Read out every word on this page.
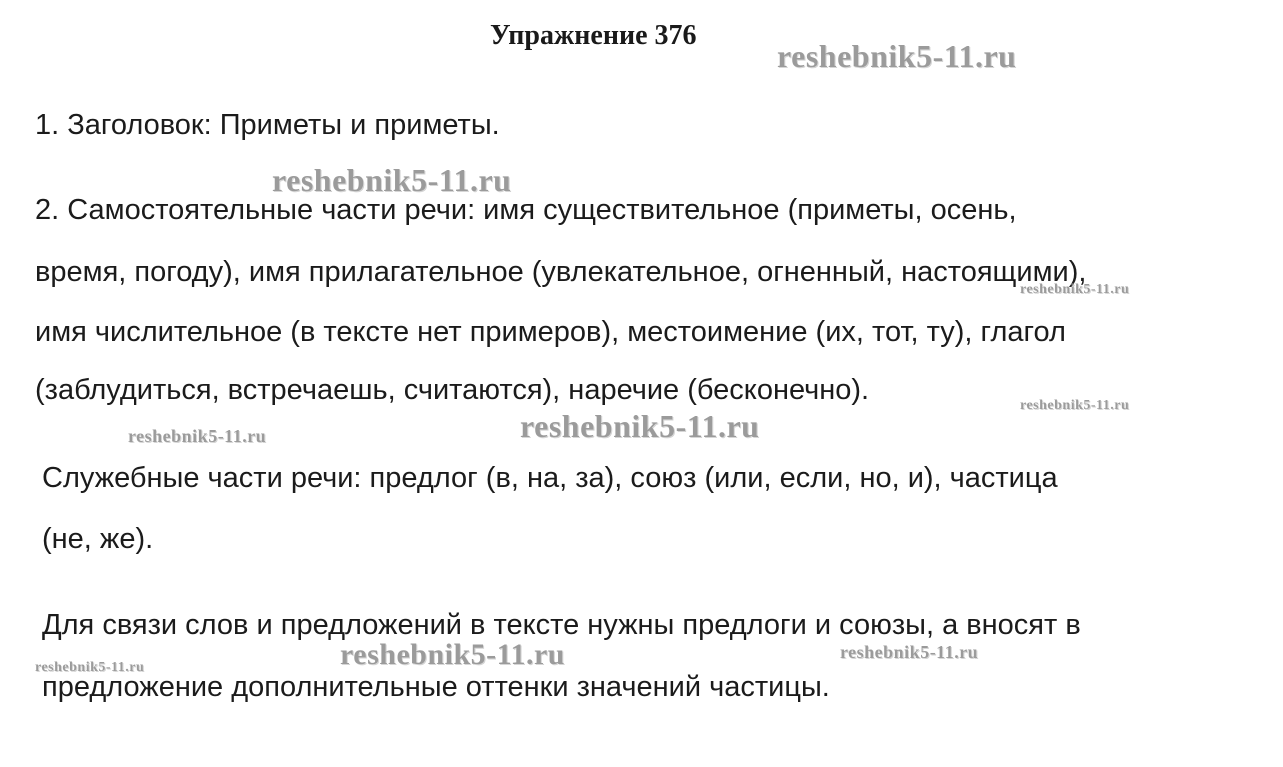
Упражнение 376
1. Заголовок: Приметы и приметы.
2. Самостоятельные части речи: имя существительное (приметы, осень,
время, погоду), имя прилагательное (увлекательное, огненный, настоящими),
имя числительное (в тексте нет примеров), местоимение (их, тот, ту), глагол
(заблудиться, встречаешь, считаются), наречие (бесконечно).
Служебные части речи: предлог (в, на, за), союз (или, если, но, и), частица
(не, же).
Для связи слов и предложений в тексте нужны предлоги и союзы, а вносят в
предложение дополнительные оттенки значений частицы.
reshebnik5-11.ru
reshebnik5-11.ru
reshebnik5-11.ru
reshebnik5-11.ru
reshebnik5-11.ru	reshebnik5-11.ru
reshebnik5-11.ru	reshebnik5-11.ru	reshebnik5-11.ru
